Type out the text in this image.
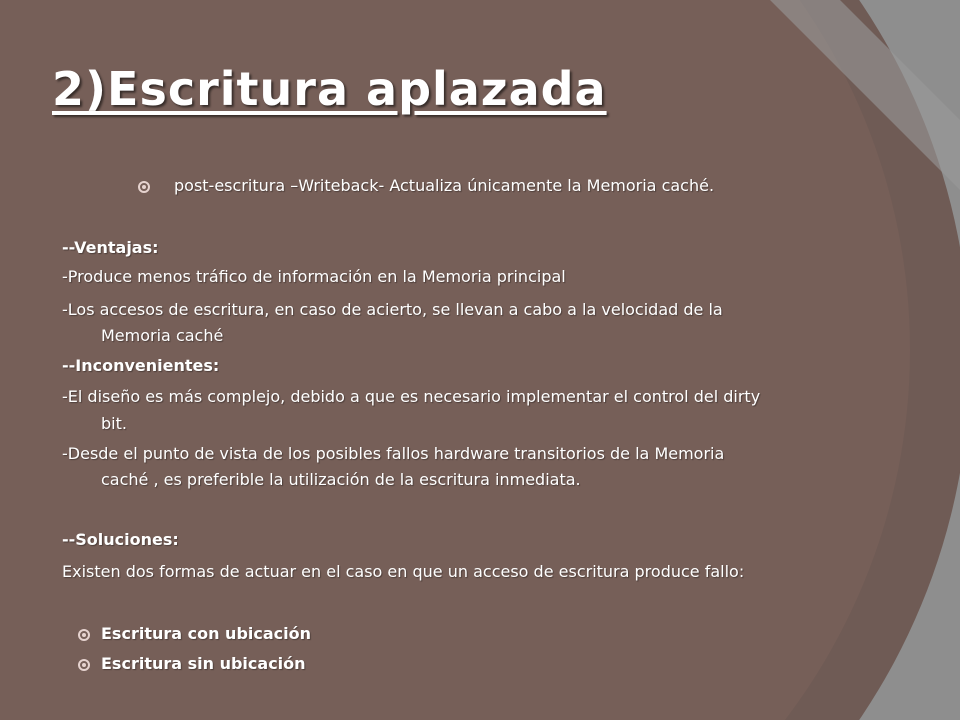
2)Escritura aplazada
post-escritura –Writeback- Actualiza únicamente la Memoria caché.
--Ventajas:
-Produce menos tráfico de información en la Memoria principal
-Los accesos de escritura, en caso de acierto, se llevan a cabo a la velocidad de la
Memoria caché
--Inconvenientes:
-El diseño es más complejo, debido a que es necesario implementar el control del dirty
bit.
-Desde el punto de vista de los posibles fallos hardware transitorios de la Memoria
caché , es preferible la utilización de la escritura inmediata.
--Soluciones:
Existen dos formas de actuar en el caso en que un acceso de escritura produce fallo:
Escritura con ubicación
Escritura sin ubicación
